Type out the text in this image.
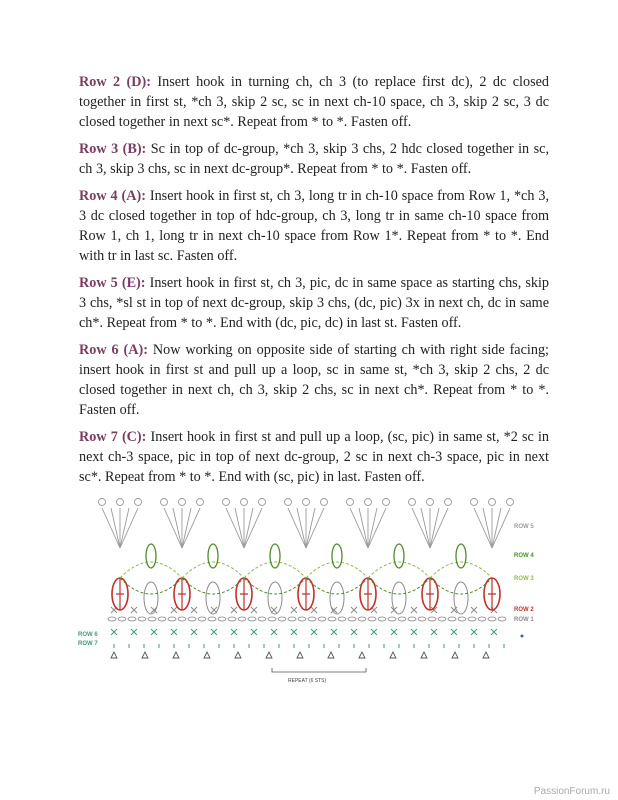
Row 2 (D): Insert hook in turning ch, ch 3 (to replace first dc), 2 dc closed together in first st, *ch 3, skip 2 sc, sc in next ch-10 space, ch 3, skip 2 sc, 3 dc closed together in next sc*. Repeat from * to *. Fasten off.

Row 3 (B): Sc in top of dc-group, *ch 3, skip 3 chs, 2 hdc closed together in sc, ch 3, skip 3 chs, sc in next dc-group*. Repeat from * to *. Fasten off.

Row 4 (A): Insert hook in first st, ch 3, long tr in ch-10 space from Row 1, *ch 3, 3 dc closed together in top of hdc-group, ch 3, long tr in same ch-10 space from Row 1, ch 1, long tr in next ch-10 space from Row 1*. Repeat from * to *. End with tr in last sc. Fasten off.

Row 5 (E): Insert hook in first st, ch 3, pic, dc in same space as starting chs, skip 3 chs, *sl st in top of next dc-group, skip 3 chs, (dc, pic) 3x in next ch, dc in same ch*. Repeat from * to *. End with (dc, pic, dc) in last st. Fasten off.

Row 6 (A): Now working on opposite side of starting ch with right side facing; insert hook in first st and pull up a loop, sc in same st, *ch 3, skip 2 chs, 2 dc closed together in next ch, ch 3, skip 2 chs, sc in next ch*. Repeat from * to *. Fasten off.

Row 7 (C): Insert hook in first st and pull up a loop, (sc, pic) in same st, *2 sc in next ch-3 space, pic in top of next dc-group, 2 sc in next ch-3 space, pic in next sc*. Repeat from * to *. End with (sc, pic) in last. Fasten off.

ROW 5
ROW 4
ROW 3
ROW 2
ROW 1
ROW 6
ROW 7
REPEAT (6 STS)
PassionForum.ru
